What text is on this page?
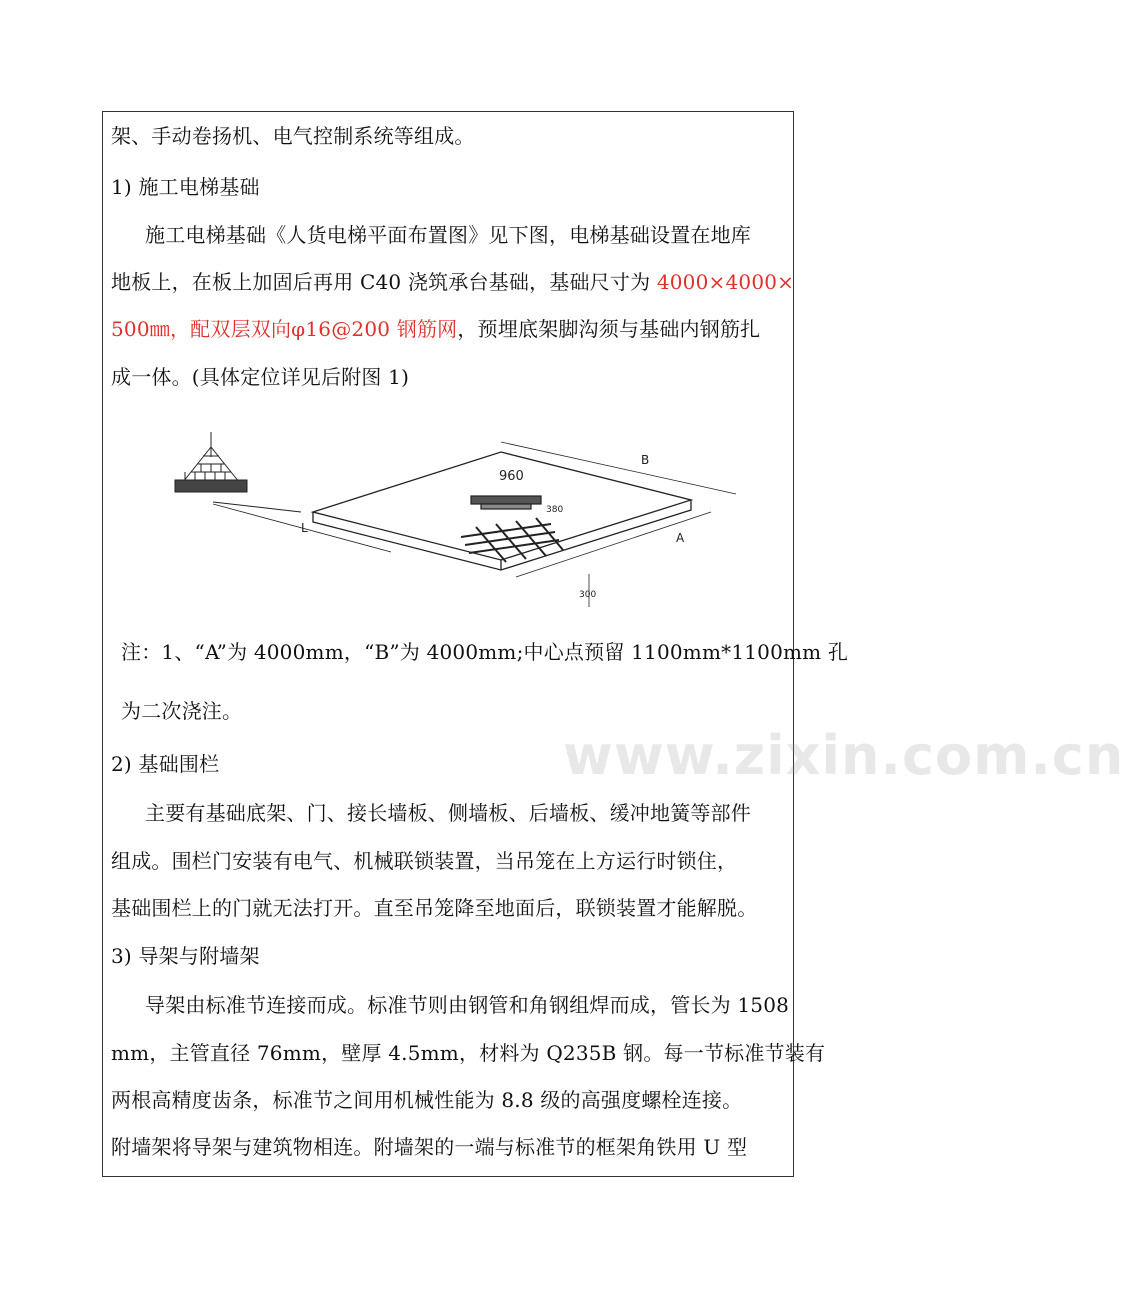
架、手动卷扬机、电气控制系统等组成。
1) 施工电梯基础
施工电梯基础《人货电梯平面布置图》见下图，电梯基础设置在地库
地板上，在板上加固后再用 C40 浇筑承台基础，基础尺寸为 4000×4000×
500㎜，配双层双向φ16@200 钢筋网，预埋底架脚沟须与基础内钢筋扎
成一体。(具体定位详见后附图 1)
B
A
L
960
380
300
www.zixin.com.cn
注：1、“A”为 4000mm，“B”为 4000mm;中心点预留 1100mm*1100mm 孔
为二次浇注。
2) 基础围栏
主要有基础底架、门、接长墙板、侧墙板、后墙板、缓冲地簧等部件
组成。围栏门安装有电气、机械联锁装置，当吊笼在上方运行时锁住，
基础围栏上的门就无法打开。直至吊笼降至地面后，联锁装置才能解脱。
3) 导架与附墙架
导架由标准节连接而成。标准节则由钢管和角钢组焊而成，管长为 1508
mm，主管直径 76mm，壁厚 4.5mm，材料为 Q235B 钢。每一节标准节装有
两根高精度齿条，标准节之间用机械性能为 8.8 级的高强度螺栓连接。
附墙架将导架与建筑物相连。附墙架的一端与标准节的框架角铁用 U 型
